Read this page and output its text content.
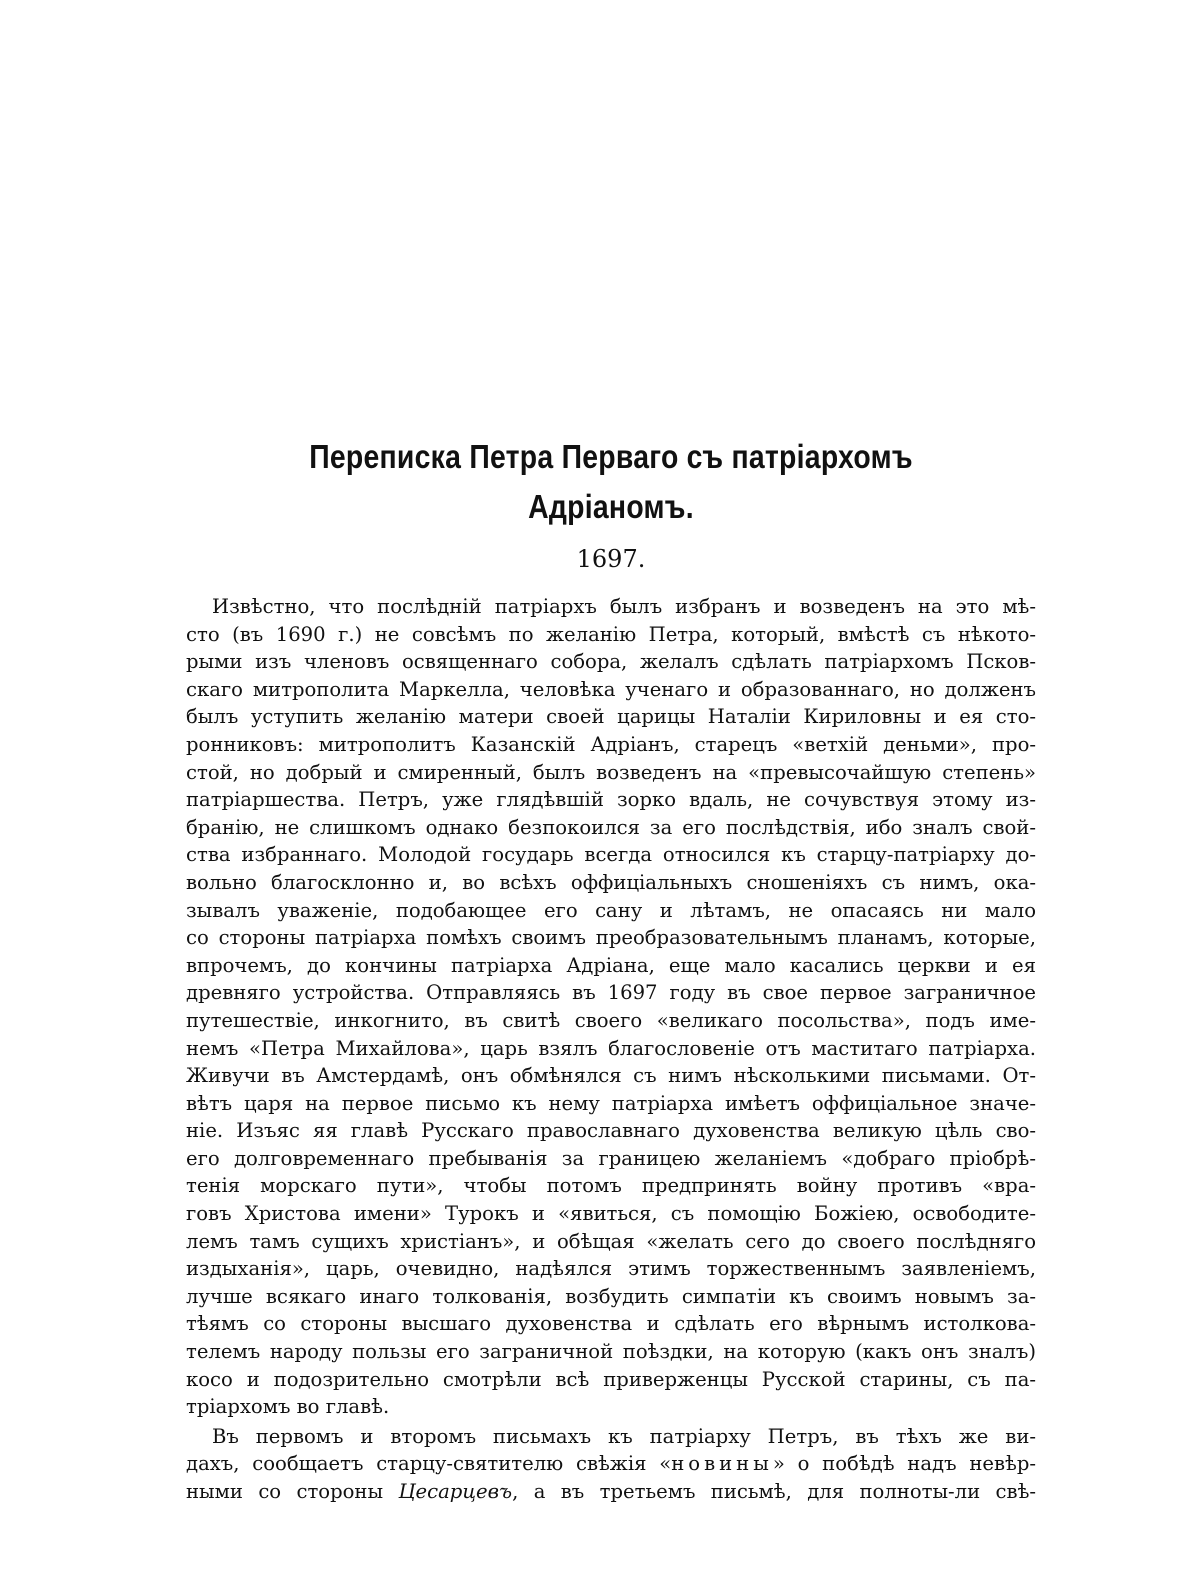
Переписка Петра Перваго съ патріархомъ Адріаномъ.
1697.
Извѣстно, что послѣдній патріархъ былъ избранъ и возведенъ на это мѣ-
сто (въ 1690 г.) не совсѣмъ по желанію Петра, который, вмѣстѣ съ нѣкото-
рыми изъ членовъ освященнаго собора, желалъ сдѣлать патріархомъ Псков-
скаго митрополита Маркелла, человѣка ученаго и образованнаго, но долженъ
былъ уступить желанію матери своей царицы Наталіи Кириловны и ея сто-
ронниковъ: митрополитъ Казанскій Адріанъ, старецъ «ветхій деньми», про-
стой, но добрый и смиренный, былъ возведенъ на «превысочайшую степень»
патріаршества. Петръ, уже глядѣвшій зорко вдаль, не сочувствуя этому из-
бранію, не слишкомъ однако безпокоился за его послѣдствія, ибо зналъ свой-
ства избраннаго. Молодой государь всегда относился къ старцу-патріарху до-
вольно благосклонно и, во всѣхъ оффиціальныхъ сношеніяхъ съ нимъ, ока-
зывалъ уваженіе, подобающее его сану и лѣтамъ, не опасаясь ни мало
со стороны патріарха помѣхъ своимъ преобразовательнымъ планамъ, которые,
впрочемъ, до кончины патріарха Адріана, еще мало касались церкви и ея
древняго устройства. Отправляясь въ 1697 году въ свое первое заграничное
путешествіе, инкогнито, въ свитѣ своего «великаго посольства», подъ име-
немъ «Петра Михайлова», царь взялъ благословеніе отъ маститаго патріарха.
Живучи въ Амстердамѣ, онъ обмѣнялся съ нимъ нѣсколькими письмами. От-
вѣтъ царя на первое письмо къ нему патріарха имѣетъ оффиціальное значе-
ніе. Изъяс яя главѣ Русскаго православнаго духовенства великую цѣль сво-
его долговременнаго пребыванія за границею желаніемъ «добраго пріобрѣ-
тенія морскаго пути», чтобы потомъ предпринять войну противъ «вра-
говъ Христова имени» Турокъ и «явиться, съ помощію Божіею, освободите-
лемъ тамъ сущихъ христіанъ», и обѣщая «желать сего до своего послѣдняго
издыханія», царь, очевидно, надѣялся этимъ торжественнымъ заявленіемъ,
лучше всякаго инаго толкованія, возбудить симпатіи къ своимъ новымъ за-
тѣямъ со стороны высшаго духовенства и сдѣлать его вѣрнымъ истолкова-
телемъ народу пользы его заграничной поѣздки, на которую (какъ онъ зналъ)
косо и подозрительно смотрѣли всѣ приверженцы Русской старины, съ па-
тріархомъ во главѣ.
Въ первомъ и второмъ письмахъ къ патріарху Петръ, въ тѣхъ же ви-
дахъ, сообщаетъ старцу-святителю свѣжія «новины» о побѣдѣ надъ невѣр-
ными со стороны Цесарцевъ, а въ третьемъ письмѣ, для полноты-ли свѣ-
